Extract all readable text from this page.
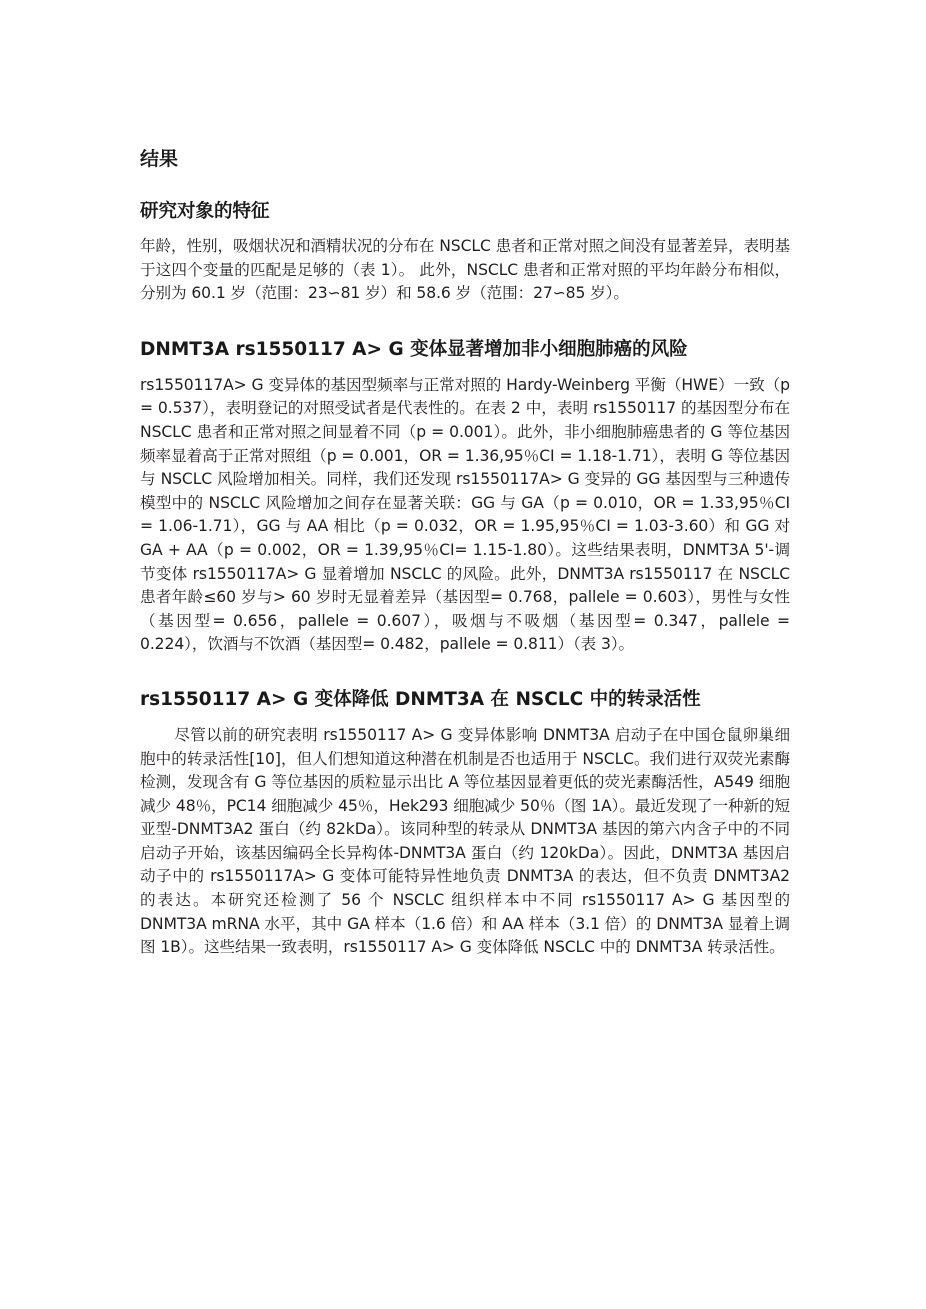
结果
研究对象的特征

年龄，性别，吸烟状况和酒精状况的分布在 NSCLC 患者和正常对照之间没有显著差异，表明基于这四个变量的匹配是足够的（表 1）。 此外，NSCLC 患者和正常对照的平均年龄分布相似，分别为 60.1 岁（范围：23∽81 岁）和 58.6 岁（范围：27∽85 岁）。

DNMT3A rs1550117 A> G 变体显著增加非小细胞肺癌的风险

rs1550117A> G 变异体的基因型频率与正常对照的 Hardy-Weinberg 平衡（HWE）一致（p = 0.537），表明登记的对照受试者是代表性的。在表 2 中，表明 rs1550117 的基因型分布在 NSCLC 患者和正常对照之间显着不同（p = 0.001）。此外，非小细胞肺癌患者的 G 等位基因频率显着高于正常对照组（p = 0.001，OR = 1.36,95％CI = 1.18-1.71），表明 G 等位基因与 NSCLC 风险增加相关。同样，我们还发现 rs1550117A> G 变异的 GG 基因型与三种遗传模型中的 NSCLC 风险增加之间存在显著关联：GG 与 GA（p = 0.010，OR = 1.33,95％CI = 1.06-1.71），GG 与 AA 相比（p = 0.032，OR = 1.95,95％CI = 1.03-3.60）和 GG 对 GA + AA（p = 0.002，OR = 1.39,95％CI= 1.15-1.80）。这些结果表明，DNMT3A 5'-调节变体 rs1550117A> G 显着增加 NSCLC 的风险。此外，DNMT3A rs1550117 在 NSCLC 患者年龄≤60 岁与> 60 岁时无显着差异（基因型= 0.768，pallele = 0.603），男性与女性（基因型= 0.656，pallele = 0.607），吸烟与不吸烟（基因型= 0.347，pallele = 0.224），饮酒与不饮酒（基因型= 0.482，pallele = 0.811）（表 3）。

rs1550117 A> G 变体降低 DNMT3A 在 NSCLC 中的转录活性

尽管以前的研究表明 rs1550117 A> G 变异体影响 DNMT3A 启动子在中国仓鼠卵巢细胞中的转录活性[10]，但人们想知道这种潜在机制是否也适用于 NSCLC。我们进行双荧光素酶检测，发现含有 G 等位基因的质粒显示出比 A 等位基因显着更低的荧光素酶活性，A549 细胞减少 48％，PC14 细胞减少 45％，Hek293 细胞减少 50％（图 1A）。最近发现了一种新的短亚型-DNMT3A2 蛋白（约 82kDa）。该同种型的转录从 DNMT3A 基因的第六内含子中的不同启动子开始，该基因编码全长异构体-DNMT3A 蛋白（约 120kDa）。因此，DNMT3A 基因启动子中的 rs1550117A> G 变体可能特异性地负责 DNMT3A 的表达，但不负责 DNMT3A2 的表达。本研究还检测了 56 个 NSCLC 组织样本中不同 rs1550117 A> G 基因型的 DNMT3A mRNA 水平，其中 GA 样本（1.6 倍）和 AA 样本（3.1 倍）的 DNMT3A 显着上调图 1B）。这些结果一致表明，rs1550117 A> G 变体降低 NSCLC 中的 DNMT3A 转录活性。
